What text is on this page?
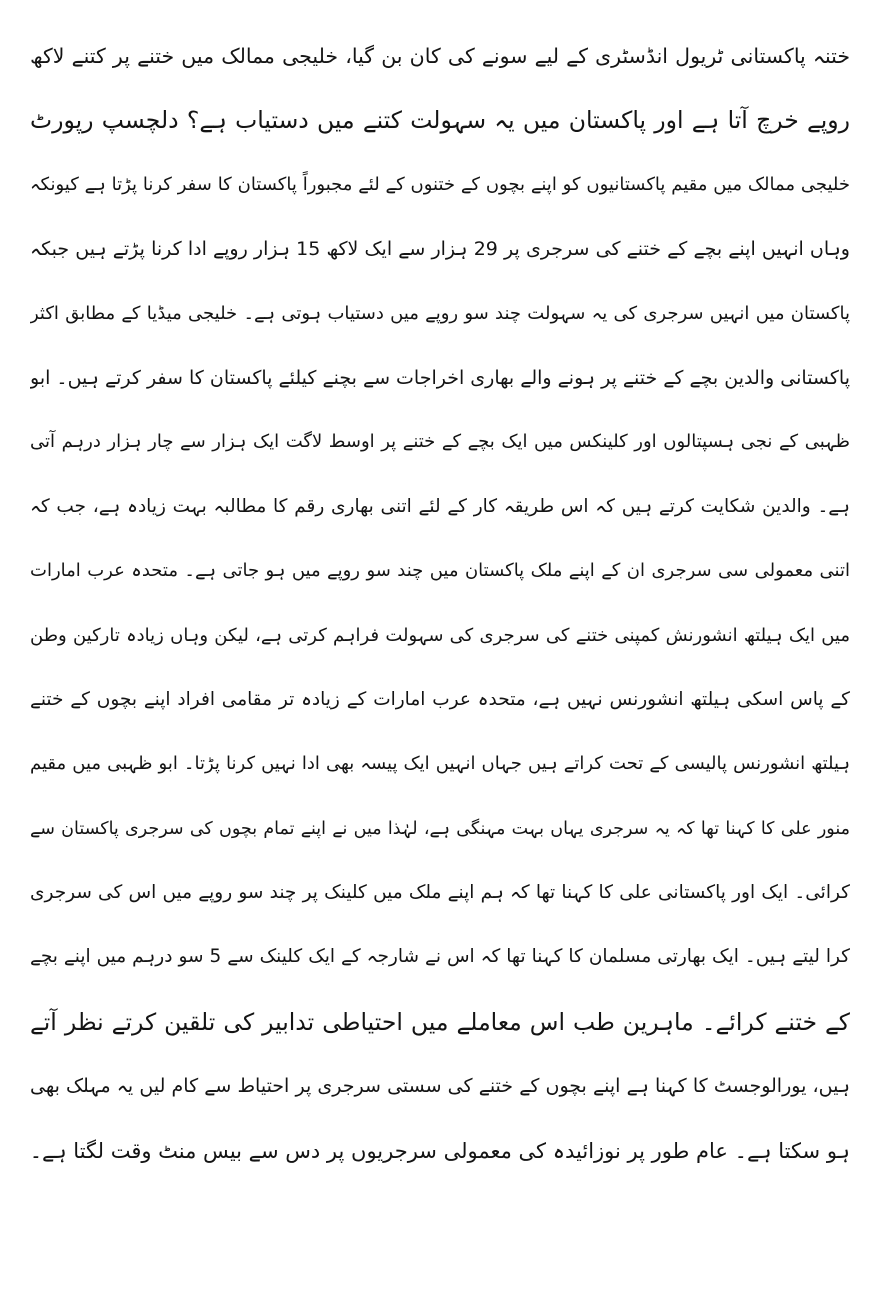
ختنہ پاکستانی ٹریول انڈسٹری کے لیے سونے کی کان بن گیا، خلیجی ممالک میں ختنے پر کتنے لاکھ
روپے خرچ آتا ہے اور پاکستان میں یہ سہولت کتنے میں دستیاب ہے؟ دلچسپ رپورٹ
خلیجی ممالک میں مقیم پاکستانیوں کو اپنے بچوں کے ختنوں کے لئے مجبوراً پاکستان کا سفر کرنا پڑتا ہے کیونکہ
وہاں انہیں اپنے بچے کے ختنے کی سرجری پر 29 ہزار سے ایک لاکھ 15 ہزار روپے ادا کرنا پڑتے ہیں جبکہ
پاکستان میں انہیں سرجری کی یہ سہولت چند سو روپے میں دستیاب ہوتی ہے۔ خلیجی میڈیا کے مطابق اکثر
پاکستانی والدین بچے کے ختنے پر ہونے والے بھاری اخراجات سے بچنے کیلئے پاکستان کا سفر کرتے ہیں۔ ابو
ظہبی کے نجی ہسپتالوں اور کلینکس میں ایک بچے کے ختنے پر اوسط لاگت ایک ہزار سے چار ہزار درہم آتی
ہے۔ والدین شکایت کرتے ہیں کہ اس طریقہ کار کے لئے اتنی بھاری رقم کا مطالبہ بہت زیادہ ہے، جب کہ
اتنی معمولی سی سرجری ان کے اپنے ملک پاکستان میں چند سو روپے میں ہو جاتی ہے۔ متحدہ عرب امارات
میں ایک ہیلتھ انشورنش کمپنی ختنے کی سرجری کی سہولت فراہم کرتی ہے، لیکن وہاں زیادہ تارکین وطن
کے پاس اسکی ہیلتھ انشورنس نہیں ہے، متحدہ عرب امارات کے زیادہ تر مقامی افراد اپنے بچوں کے ختنے
ہیلتھ انشورنس پالیسی کے تحت کراتے ہیں جہاں انہیں ایک پیسہ بھی ادا نہیں کرنا پڑتا۔ ابو ظہبی میں مقیم
منور علی کا کہنا تھا کہ یہ سرجری یہاں بہت مہنگی ہے، لہٰذا میں نے اپنے تمام بچوں کی سرجری پاکستان سے
کرائی۔ ایک اور پاکستانی علی کا کہنا تھا کہ ہم اپنے ملک میں کلینک پر چند سو روپے میں اس کی سرجری
کرا لیتے ہیں۔ ایک بھارتی مسلمان کا کہنا تھا کہ اس نے شارجہ کے ایک کلینک سے 5 سو درہم میں اپنے بچے
کے ختنے کرائے۔ ماہرین طب اس معاملے میں احتیاطی تدابیر کی تلقین کرتے نظر آتے
ہیں، یورالوجسٹ کا کہنا ہے اپنے بچوں کے ختنے کی سستی سرجری پر احتیاط سے کام لیں یہ مہلک بھی
ہو سکتا ہے۔ عام طور پر نوزائیدہ کی معمولی سرجریوں پر دس سے بیس منٹ وقت لگتا ہے۔
